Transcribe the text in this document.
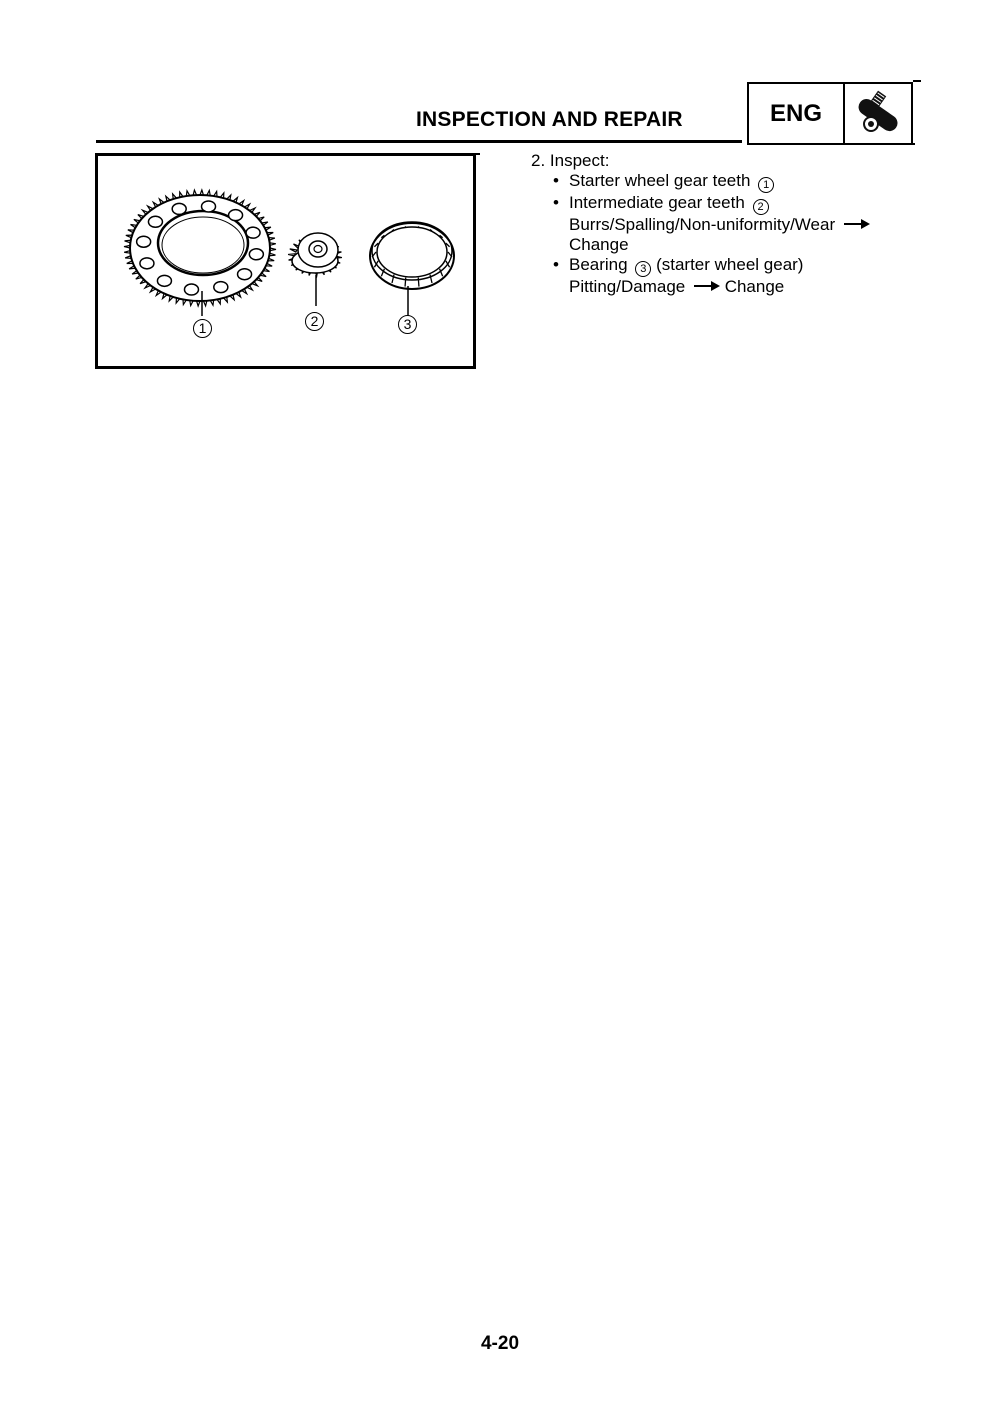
INSPECTION AND REPAIR	ENG
1	2	3
2. Inspect:
• Starter wheel gear teeth 1
• Intermediate gear teeth 2
Burrs/Spalling/Non-uniformity/Wear
Change
• Bearing 3 (starter wheel gear)
Pitting/Damage Change
4-20
